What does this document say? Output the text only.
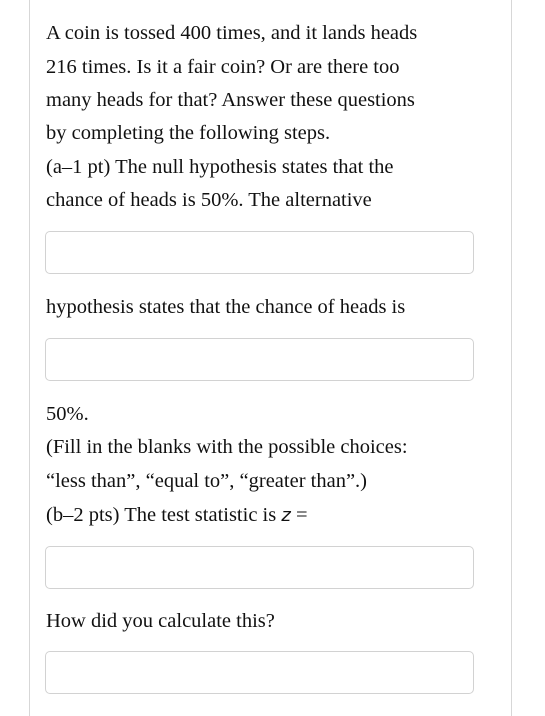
A coin is tossed 400 times, and it lands heads

216 times. Is it a fair coin? Or are there too

many heads for that? Answer these questions

by completing the following steps.

(a–1 pt) The null hypothesis states that the

chance of heads is 50%. The alternative

hypothesis states that the chance of heads is

50%.

(Fill in the blanks with the possible choices:

“less than”, “equal to”, “greater than”.)

(b–2 pts) The test statistic is z =

How did you calculate this?
